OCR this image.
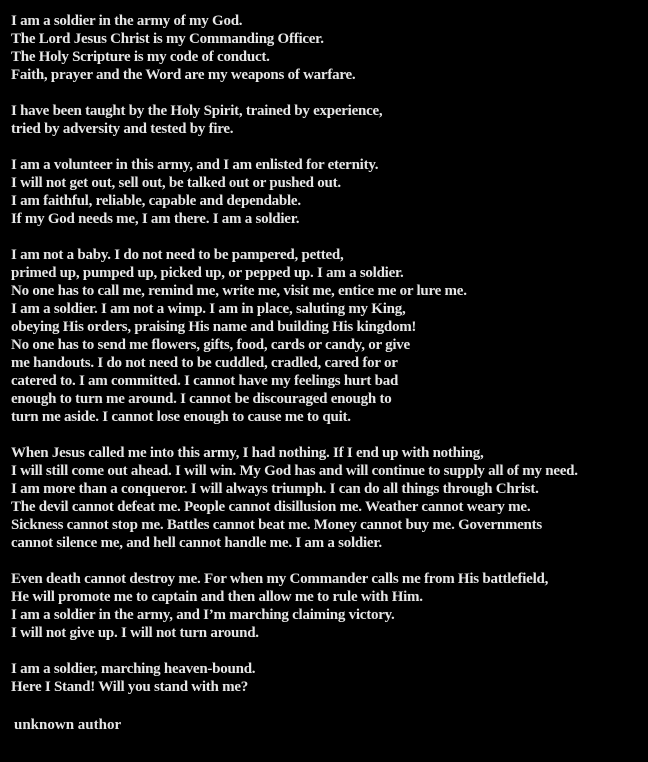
I am a soldier in the army of my God.
The Lord Jesus Christ is my Commanding Officer.
The Holy Scripture is my code of conduct.
Faith, prayer and the Word are my weapons of warfare.
I have been taught by the Holy Spirit, trained by experience,
tried by adversity and tested by fire.
I am a volunteer in this army, and I am enlisted for eternity.
I will not get out, sell out, be talked out or pushed out.
I am faithful, reliable, capable and dependable.
If my God needs me, I am there. I am a soldier.
I am not a baby. I do not need to be pampered, petted,
primed up, pumped up, picked up, or pepped up. I am a soldier.
No one has to call me, remind me, write me, visit me, entice me or lure me.
I am a soldier. I am not a wimp. I am in place, saluting my King,
obeying His orders, praising His name and building His kingdom!
No one has to send me flowers, gifts, food, cards or candy, or give
me handouts. I do not need to be cuddled, cradled, cared for or
catered to. I am committed. I cannot have my feelings hurt bad
enough to turn me around. I cannot be discouraged enough to
turn me aside. I cannot lose enough to cause me to quit.
When Jesus called me into this army, I had nothing. If I end up with nothing,
I will still come out ahead. I will win. My God has and will continue to supply all of my need.
I am more than a conqueror. I will always triumph. I can do all things through Christ.
The devil cannot defeat me. People cannot disillusion me. Weather cannot weary me.
Sickness cannot stop me. Battles cannot beat me. Money cannot buy me. Governments
cannot silence me, and hell cannot handle me. I am a soldier.
Even death cannot destroy me. For when my Commander calls me from His battlefield,
He will promote me to captain and then allow me to rule with Him.
I am a soldier in the army, and I’m marching claiming victory.
I will not give up. I will not turn around.
I am a soldier, marching heaven-bound.
Here I Stand! Will you stand with me?
unknown author
